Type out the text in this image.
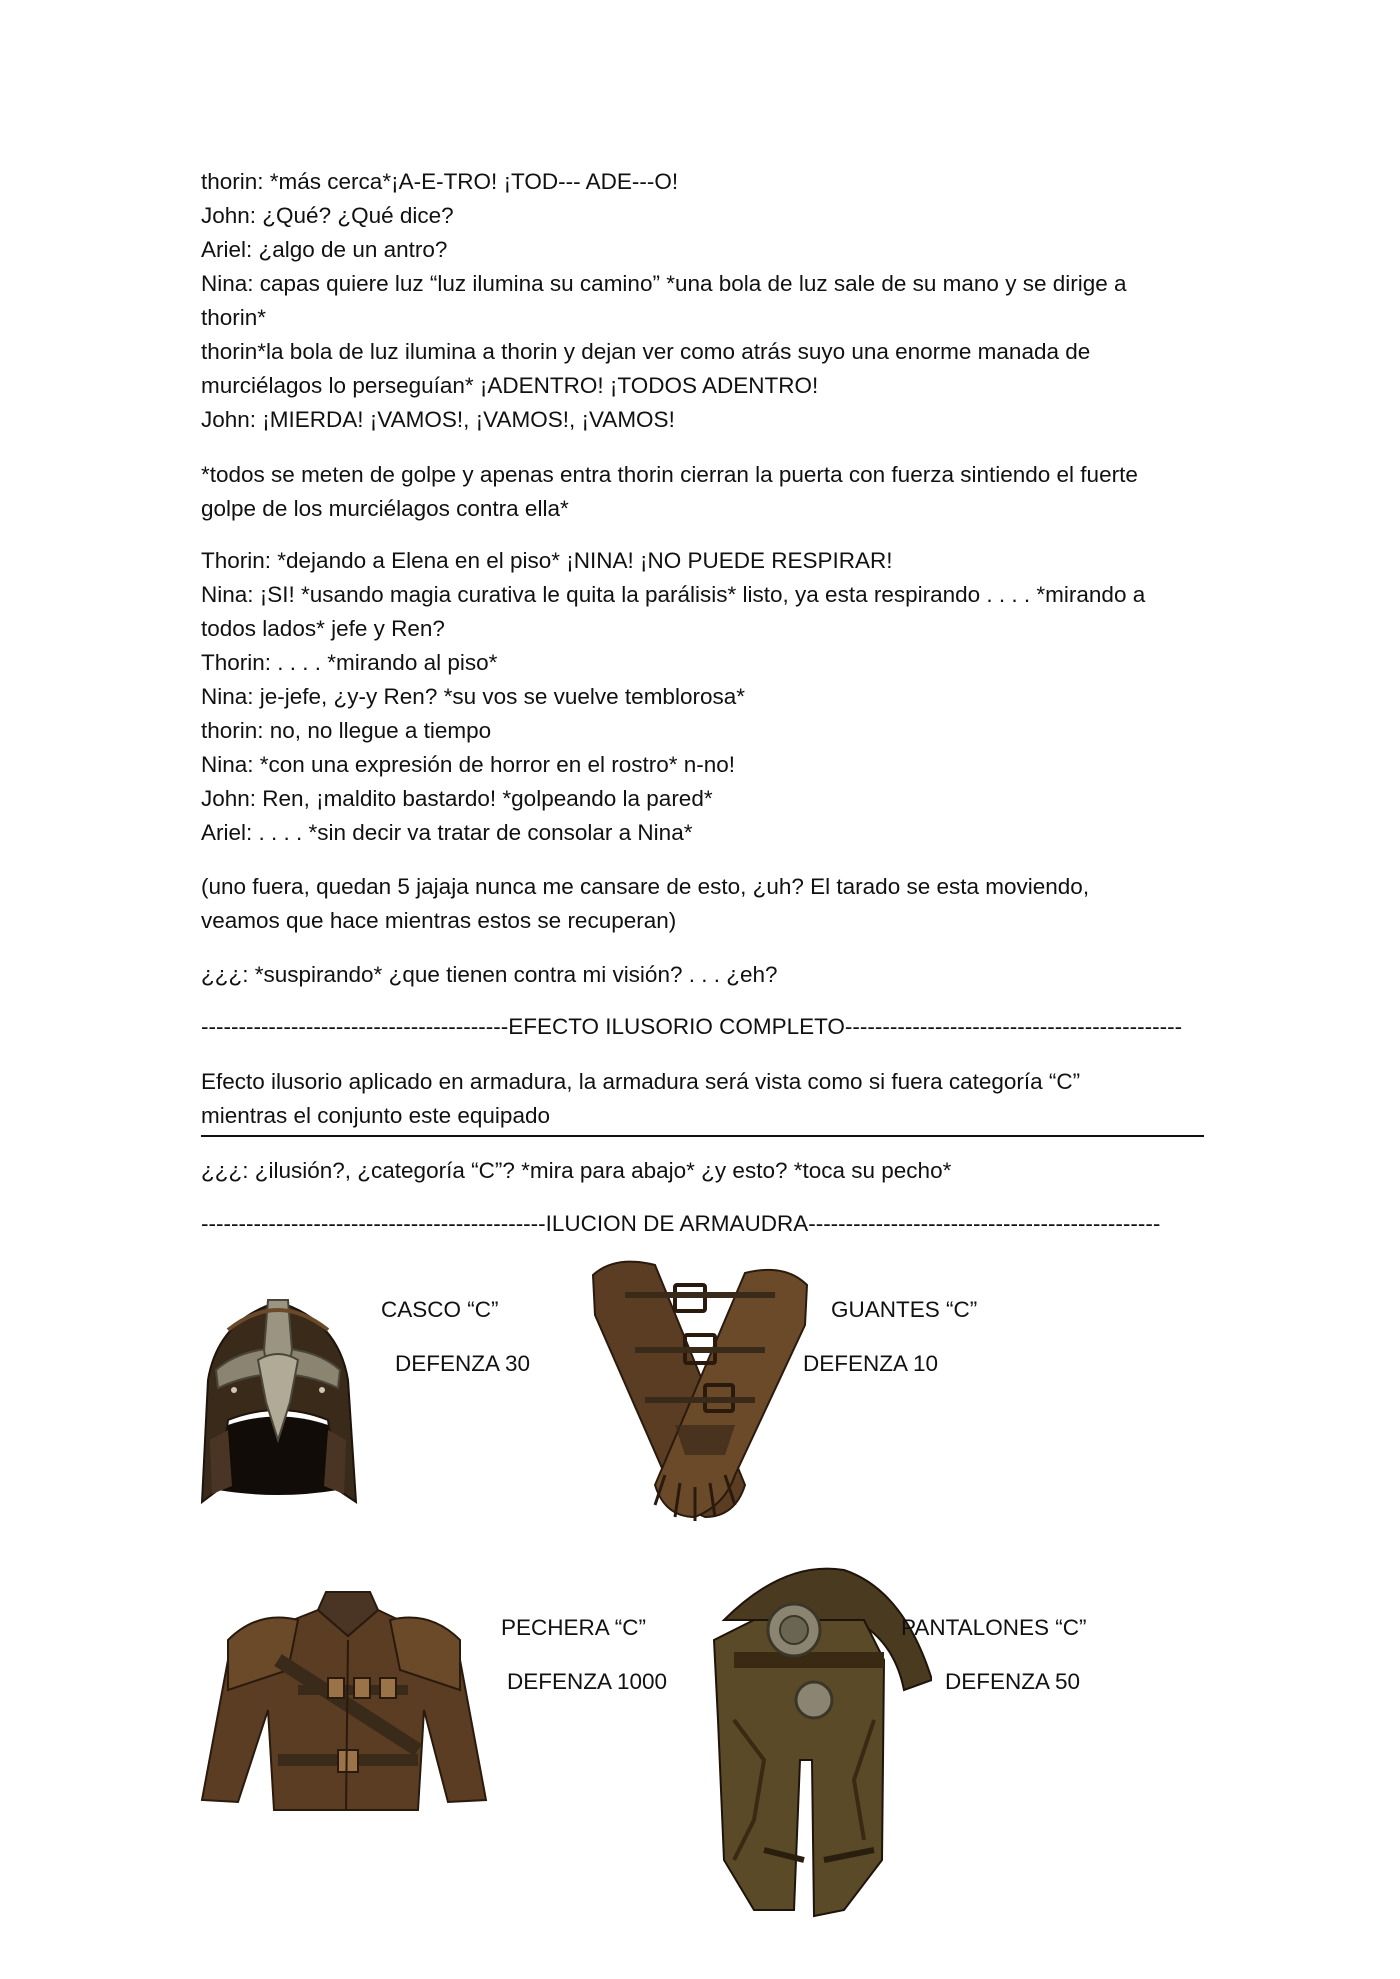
thorin: *más cerca*¡A-E-TRO! ¡TOD--- ADE---O!
John: ¿Qué? ¿Qué dice?
Ariel: ¿algo de un antro?
Nina: capas quiere luz “luz ilumina su camino” *una bola de luz sale de su mano y se dirige a
thorin*
thorin*la bola de luz ilumina a thorin y dejan ver como atrás suyo una enorme manada de
murciélagos lo perseguían* ¡ADENTRO! ¡TODOS ADENTRO!
John: ¡MIERDA! ¡VAMOS!, ¡VAMOS!, ¡VAMOS!
*todos se meten de golpe y apenas entra thorin cierran la puerta con fuerza sintiendo el fuerte
golpe de los murciélagos contra ella*
Thorin: *dejando a Elena en el piso* ¡NINA! ¡NO PUEDE RESPIRAR!
Nina: ¡SI! *usando magia curativa le quita la parálisis* listo, ya esta respirando . . . . *mirando a
todos lados* jefe y Ren?
Thorin: . . . . *mirando al piso*
Nina: je-jefe, ¿y-y Ren? *su vos se vuelve temblorosa*
thorin: no, no llegue a tiempo
Nina: *con una expresión de horror en el rostro* n-no!
John: Ren, ¡maldito bastardo! *golpeando la pared*
Ariel: . . . . *sin decir va tratar de consolar a Nina*
(uno fuera, quedan 5 jajaja nunca me cansare de esto, ¿uh? El tarado se esta moviendo,
veamos que hace mientras estos se recuperan)
¿¿¿: *suspirando* ¿que tienen contra mi visión? . . . ¿eh?
-----------------------------------------EFECTO ILUSORIO COMPLETO---------------------------------------------
Efecto ilusorio aplicado en armadura, la armadura será vista como si fuera categoría “C”
mientras el conjunto este equipado
¿¿¿: ¿ilusión?, ¿categoría “C”? *mira para abajo* ¿y esto? *toca su pecho*
----------------------------------------------ILUCION DE ARMAUDRA-----------------------------------------------
CASCO “C”
DEFENZA 30
GUANTES “C”
DEFENZA 10
PECHERA “C”
DEFENZA 1000
PANTALONES “C”
DEFENZA 50
